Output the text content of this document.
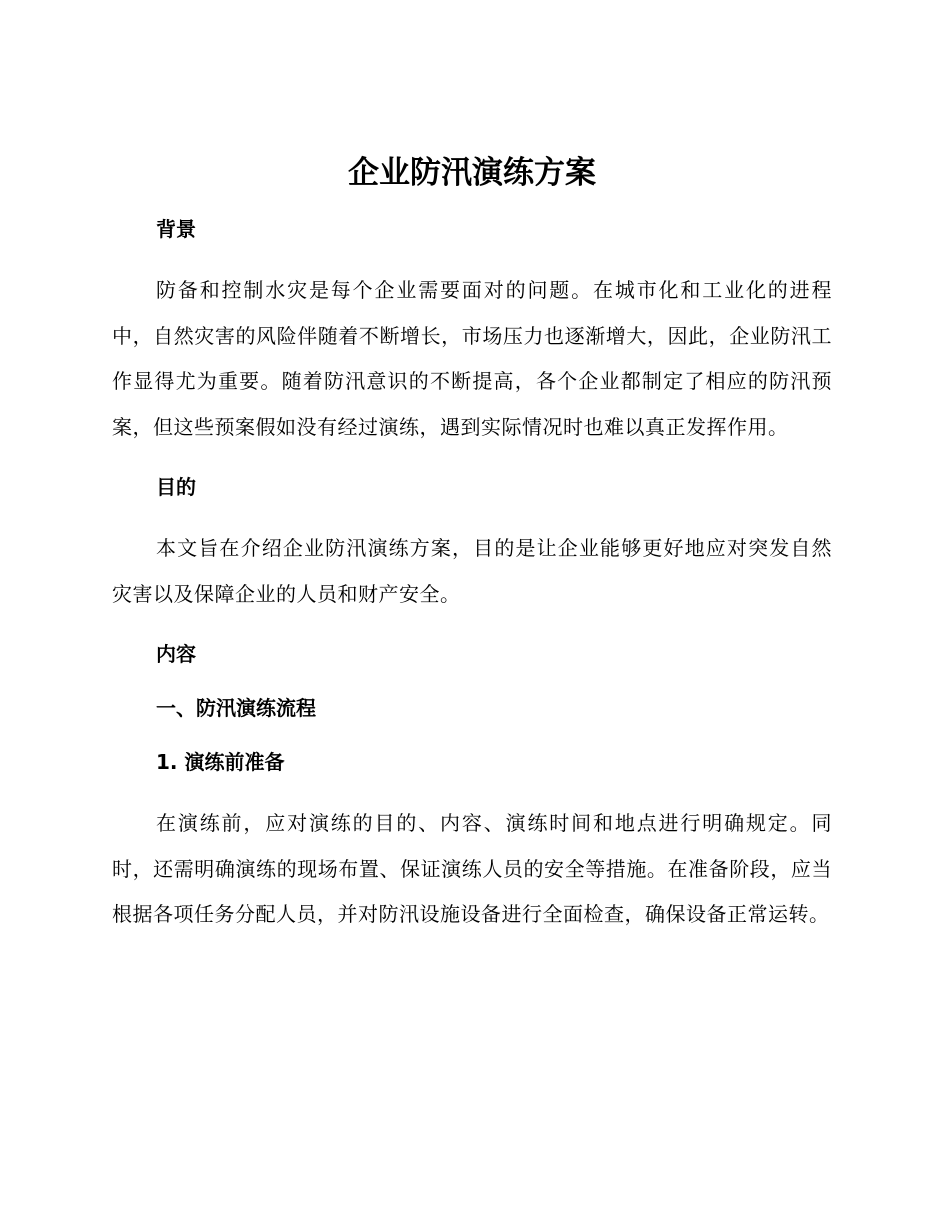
企业防汛演练方案

背景

防备和控制水灾是每个企业需要面对的问题。在城市化和工业化的进程中，自然灾害的风险伴随着不断增长，市场压力也逐渐增大，因此，企业防汛工作显得尤为重要。随着防汛意识的不断提高，各个企业都制定了相应的防汛预案，但这些预案假如没有经过演练，遇到实际情况时也难以真正发挥作用。

目的

本文旨在介绍企业防汛演练方案，目的是让企业能够更好地应对突发自然灾害以及保障企业的人员和财产安全。

内容

一、防汛演练流程

1. 演练前准备

在演练前，应对演练的目的、内容、演练时间和地点进行明确规定。同时，还需明确演练的现场布置、保证演练人员的安全等措施。在准备阶段，应当根据各项任务分配人员，并对防汛设施设备进行全面检查，确保设备正常运转。
